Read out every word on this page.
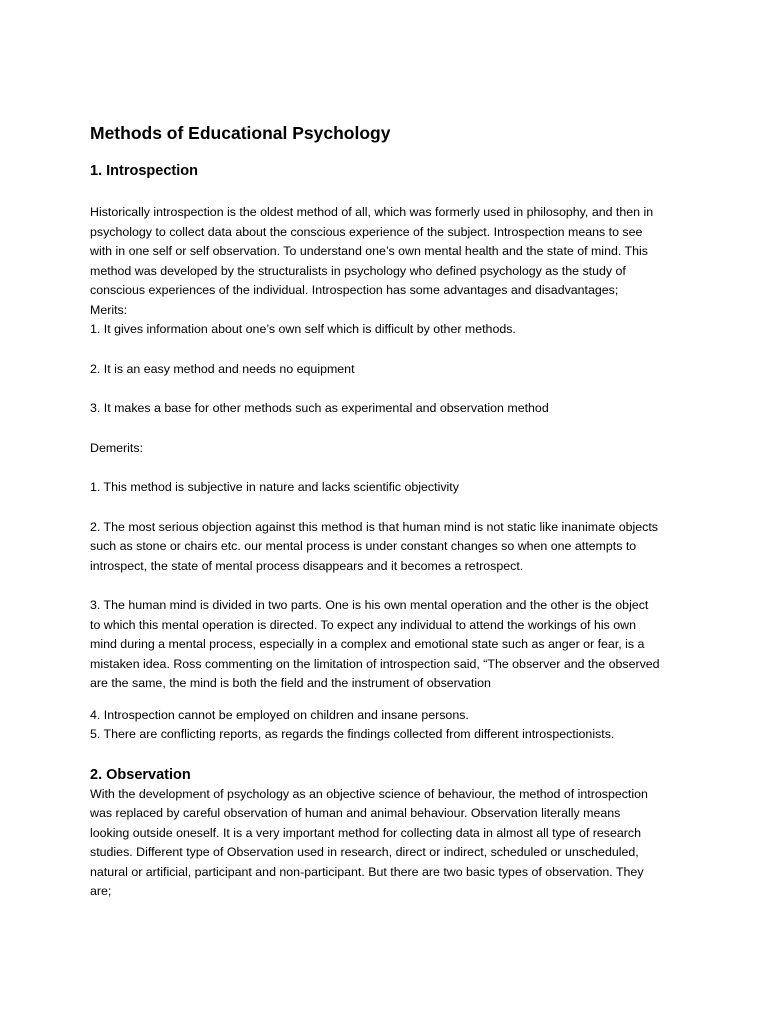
Methods of Educational Psychology
1. Introspection
Historically introspection is the oldest method of all, which was formerly used in philosophy, and then in
psychology to collect data about the conscious experience of the subject. Introspection means to see
with in one self or self observation. To understand one’s own mental health and the state of mind. This
method was developed by the structuralists in psychology who defined psychology as the study of
conscious experiences of the individual. Introspection has some advantages and disadvantages;
Merits:
1. It gives information about one’s own self which is difficult by other methods.
2. It is an easy method and needs no equipment
3. It makes a base for other methods such as experimental and observation method
Demerits:
1. This method is subjective in nature and lacks scientific objectivity
2. The most serious objection against this method is that human mind is not static like inanimate objects
such as stone or chairs etc. our mental process is under constant changes so when one attempts to
introspect, the state of mental process disappears and it becomes a retrospect.
3. The human mind is divided in two parts. One is his own mental operation and the other is the object
to which this mental operation is directed. To expect any individual to attend the workings of his own
mind during a mental process, especially in a complex and emotional state such as anger or fear, is a
mistaken idea. Ross commenting on the limitation of introspection said, “The observer and the observed
are the same, the mind is both the field and the instrument of observation
4. Introspection cannot be employed on children and insane persons.
5. There are conflicting reports, as regards the findings collected from different introspectionists.
2. Observation
With the development of psychology as an objective science of behaviour, the method of introspection
was replaced by careful observation of human and animal behaviour. Observation literally means
looking outside oneself. It is a very important method for collecting data in almost all type of research
studies. Different type of Observation used in research, direct or indirect, scheduled or unscheduled,
natural or artificial, participant and non-participant. But there are two basic types of observation. They
are;
